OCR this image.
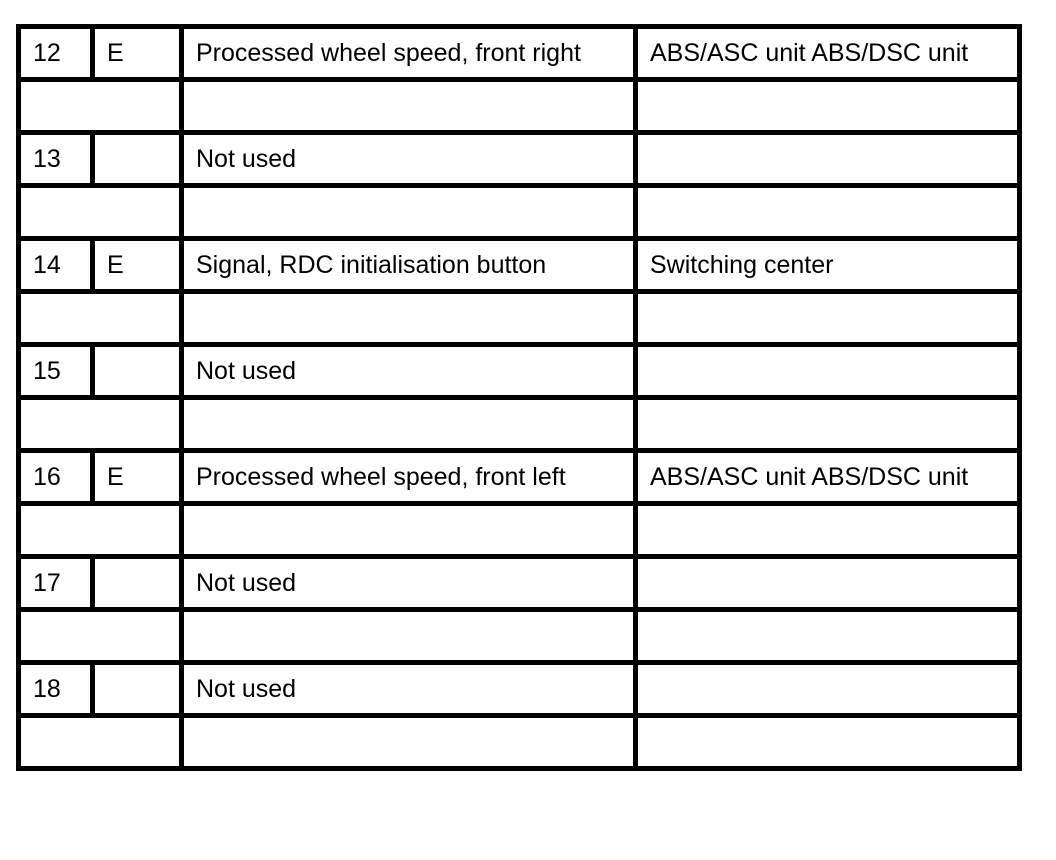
12	E	Processed wheel speed, front right	ABS/ASC unit ABS/DSC unit

13		Not used	

14	E	Signal, RDC initialisation button	Switching center

15		Not used	

16	E	Processed wheel speed, front left	ABS/ASC unit ABS/DSC unit

17		Not used	

18		Not used	
